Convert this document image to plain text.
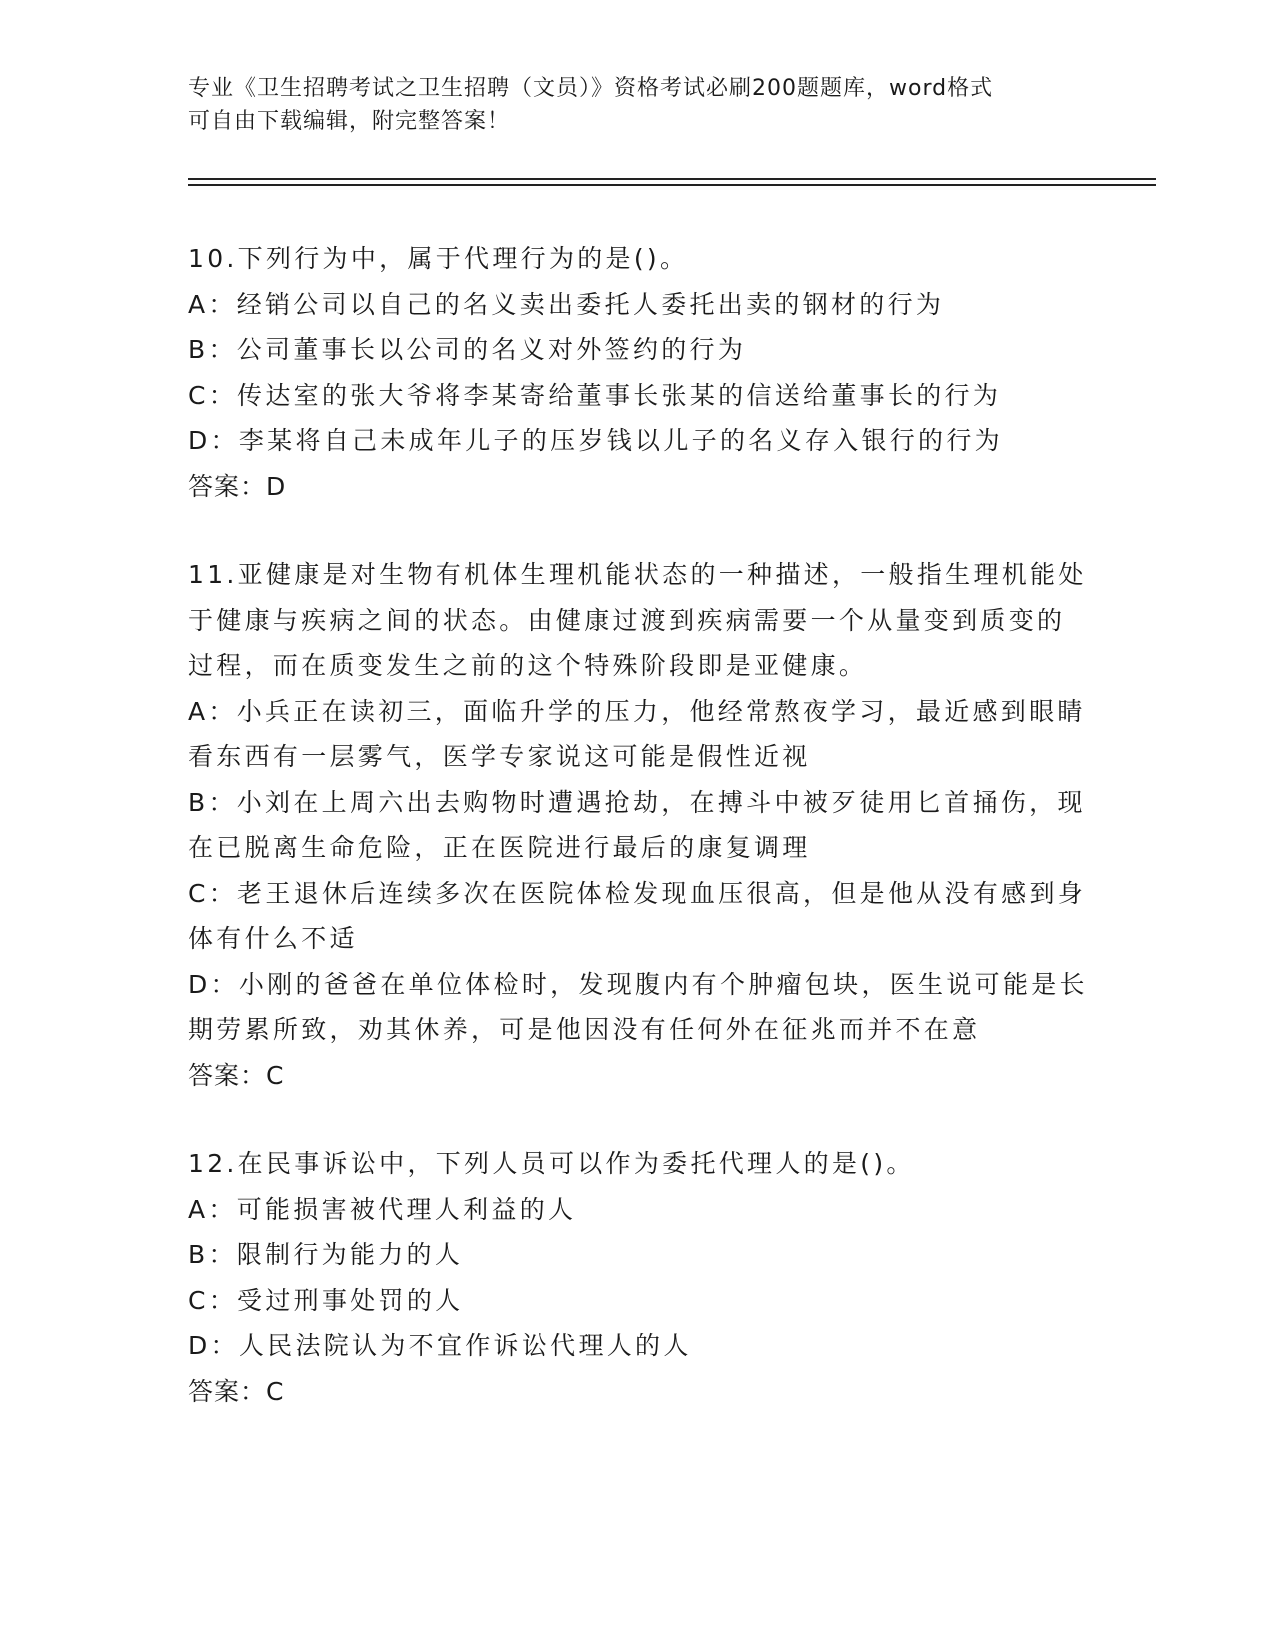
专业《卫生招聘考试之卫生招聘（文员）》资格考试必刷200题题库，word格式
可自由下载编辑，附完整答案！
10.下列行为中，属于代理行为的是()。
A：经销公司以自己的名义卖出委托人委托出卖的钢材的行为
B：公司董事长以公司的名义对外签约的行为
C：传达室的张大爷将李某寄给董事长张某的信送给董事长的行为
D：李某将自己未成年儿子的压岁钱以儿子的名义存入银行的行为
答案：D
11.亚健康是对生物有机体生理机能状态的一种描述，一般指生理机能处于健康与疾病之间的状态。由健康过渡到疾病需要一个从量变到质变的过程，而在质变发生之前的这个特殊阶段即是亚健康。
A：小兵正在读初三，面临升学的压力，他经常熬夜学习，最近感到眼睛看东西有一层雾气，医学专家说这可能是假性近视
B：小刘在上周六出去购物时遭遇抢劫，在搏斗中被歹徒用匕首捅伤，现在已脱离生命危险，正在医院进行最后的康复调理
C：老王退休后连续多次在医院体检发现血压很高，但是他从没有感到身体有什么不适
D：小刚的爸爸在单位体检时，发现腹内有个肿瘤包块，医生说可能是长期劳累所致，劝其休养，可是他因没有任何外在征兆而并不在意
答案：C
12.在民事诉讼中，下列人员可以作为委托代理人的是()。
A：可能损害被代理人利益的人
B：限制行为能力的人
C：受过刑事处罚的人
D：人民法院认为不宜作诉讼代理人的人
答案：C
